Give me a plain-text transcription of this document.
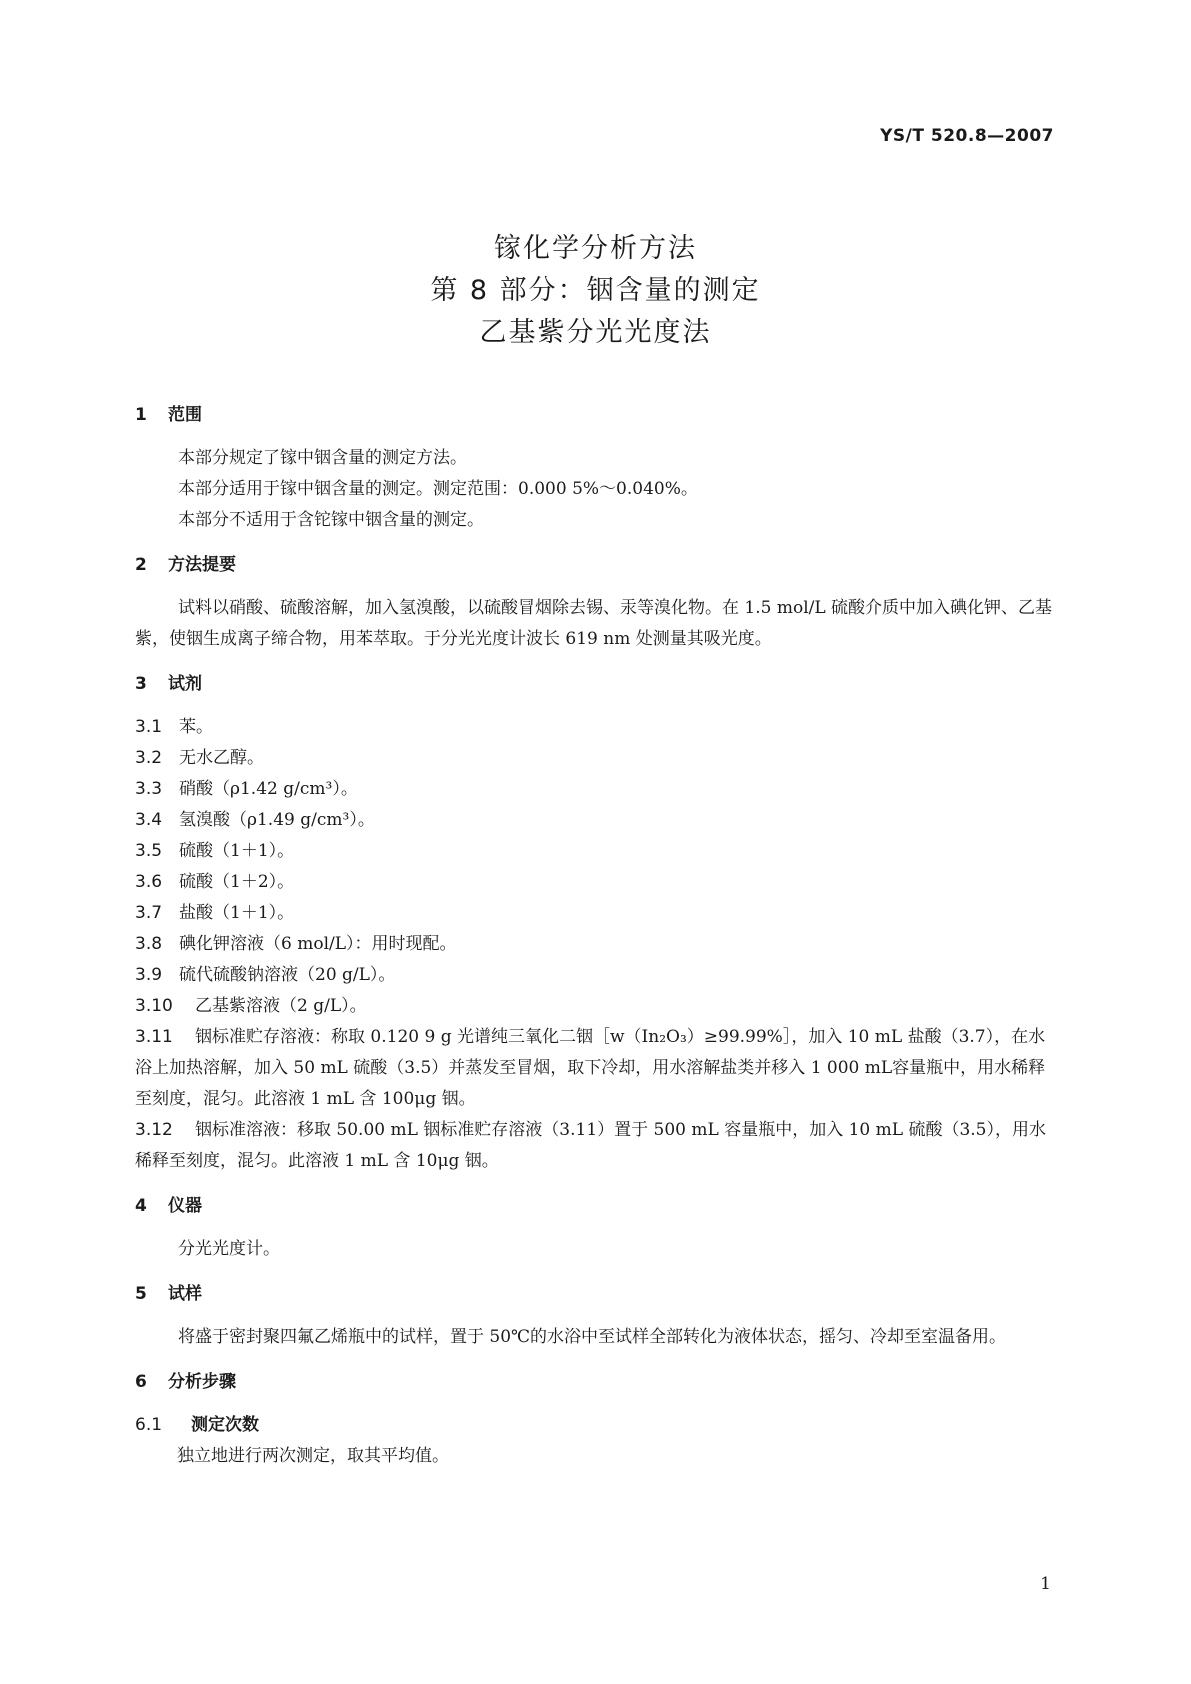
YS/T 520.8—2007
镓化学分析方法
第 8 部分：铟含量的测定
乙基紫分光光度法
1 范围

本部分规定了镓中铟含量的测定方法。

本部分适用于镓中铟含量的测定。测定范围：0.000 5%～0.040%。

本部分不适用于含铊镓中铟含量的测定。

2 方法提要

试料以硝酸、硫酸溶解，加入氢溴酸，以硫酸冒烟除去锡、汞等溴化物。在 1.5 mol/L 硫酸介质中加入碘化钾、乙基紫，使铟生成离子缔合物，用苯萃取。于分光光度计波长 619 nm 处测量其吸光度。

3 试剂

3.1 苯。

3.2 无水乙醇。

3.3 硝酸（ρ1.42 g/cm³）。

3.4 氢溴酸（ρ1.49 g/cm³）。

3.5 硫酸（1＋1）。

3.6 硫酸（1＋2）。

3.7 盐酸（1＋1）。

3.8 碘化钾溶液（6 mol/L）：用时现配。

3.9 硫代硫酸钠溶液（20 g/L）。

3.10 乙基紫溶液（2 g/L）。

3.11 铟标准贮存溶液：称取 0.120 9 g 光谱纯三氧化二铟［w（In₂O₃）≥99.99%］，加入 10 mL 盐酸（3.7），在水浴上加热溶解，加入 50 mL 硫酸（3.5）并蒸发至冒烟，取下冷却，用水溶解盐类并移入 1 000 mL容量瓶中，用水稀释至刻度，混匀。此溶液 1 mL 含 100μg 铟。

3.12 铟标准溶液：移取 50.00 mL 铟标准贮存溶液（3.11）置于 500 mL 容量瓶中，加入 10 mL 硫酸（3.5），用水稀释至刻度，混匀。此溶液 1 mL 含 10μg 铟。

4 仪器

分光光度计。

5 试样

将盛于密封聚四氟乙烯瓶中的试样，置于 50℃的水浴中至试样全部转化为液体状态，摇匀、冷却至室温备用。

6 分析步骤

6.1 测定次数

独立地进行两次测定，取其平均值。

1
